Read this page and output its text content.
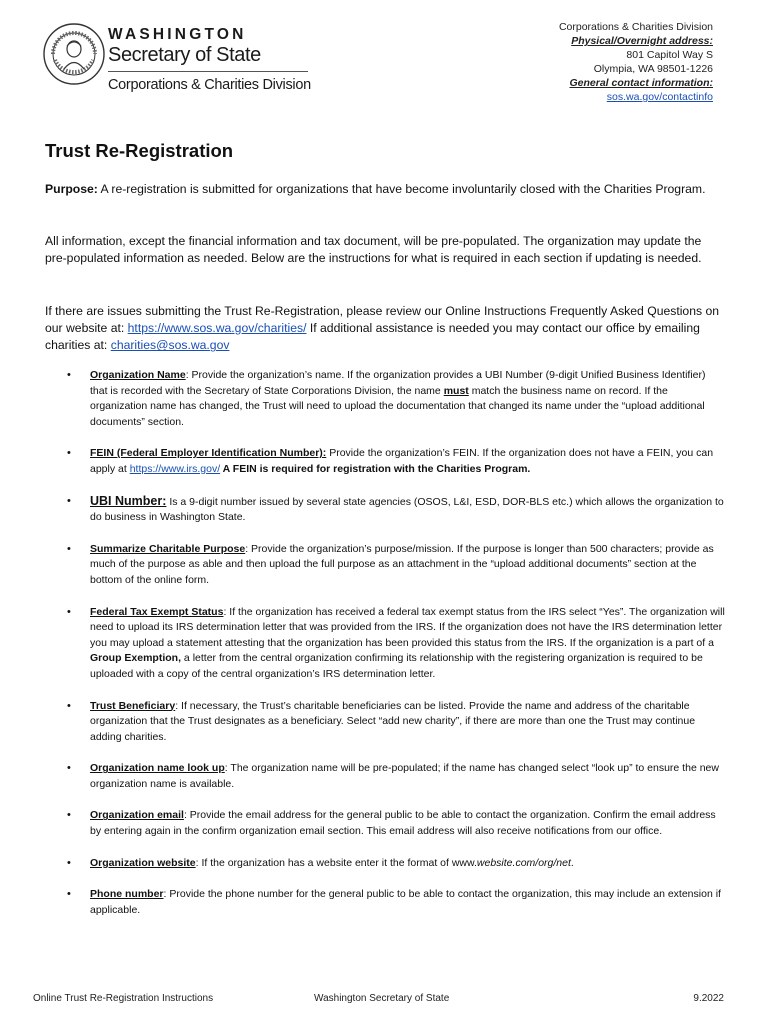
WASHINGTON
Secretary of State
Corporations & Charities Division
Corporations & Charities Division
Physical/Overnight address:
801 Capitol Way S
Olympia, WA 98501-1226
General contact information:
sos.wa.gov/contactinfo
Trust Re-Registration
Purpose: A re-registration is submitted for organizations that have become involuntarily closed with the Charities Program.
All information, except the financial information and tax document, will be pre-populated. The organization may update the pre-populated information as needed. Below are the instructions for what is required in each section if updating is needed.
If there are issues submitting the Trust Re-Registration, please review our Online Instructions Frequently Asked Questions on our website at: https://www.sos.wa.gov/charities/ If additional assistance is needed you may contact our office by emailing charities at: charities@sos.wa.gov
• Organization Name: Provide the organization’s name. If the organization provides a UBI Number (9-digit Unified Business Identifier) that is recorded with the Secretary of State Corporations Division, the name must match the business name on record. If the organization name has changed, the Trust will need to upload the documentation that changed its name under the “upload additional documents” section.
• FEIN (Federal Employer Identification Number): Provide the organization’s FEIN. If the organization does not have a FEIN, you can apply at https://www.irs.gov/ A FEIN is required for registration with the Charities Program.
• UBI Number: Is a 9-digit number issued by several state agencies (OSOS, L&I, ESD, DOR-BLS etc.) which allows the organization to do business in Washington State.
• Summarize Charitable Purpose: Provide the organization’s purpose/mission. If the purpose is longer than 500 characters; provide as much of the purpose as able and then upload the full purpose as an attachment in the “upload additional documents” section at the bottom of the online form.
• Federal Tax Exempt Status: If the organization has received a federal tax exempt status from the IRS select “Yes”. The organization will need to upload its IRS determination letter that was provided from the IRS. If the organization does not have the IRS determination letter you may upload a statement attesting that the organization has been provided this status from the IRS. If the organization is a part of a Group Exemption, a letter from the central organization confirming its relationship with the registering organization is required to be uploaded with a copy of the central organization’s IRS determination letter.
• Trust Beneficiary: If necessary, the Trust’s charitable beneficiaries can be listed. Provide the name and address of the charitable organization that the Trust designates as a beneficiary. Select “add new charity”, if there are more than one the Trust may continue adding charities.
• Organization name look up: The organization name will be pre-populated; if the name has changed select “look up” to ensure the new organization name is available.
• Organization email: Provide the email address for the general public to be able to contact the organization. Confirm the email address by entering again in the confirm organization email section. This email address will also receive notifications from our office.
• Organization website: If the organization has a website enter it the format of www.website.com/org/net.
• Phone number: Provide the phone number for the general public to be able to contact the organization, this may include an extension if applicable.
Online Trust Re-Registration Instructions	Washington Secretary of State	9.2022
